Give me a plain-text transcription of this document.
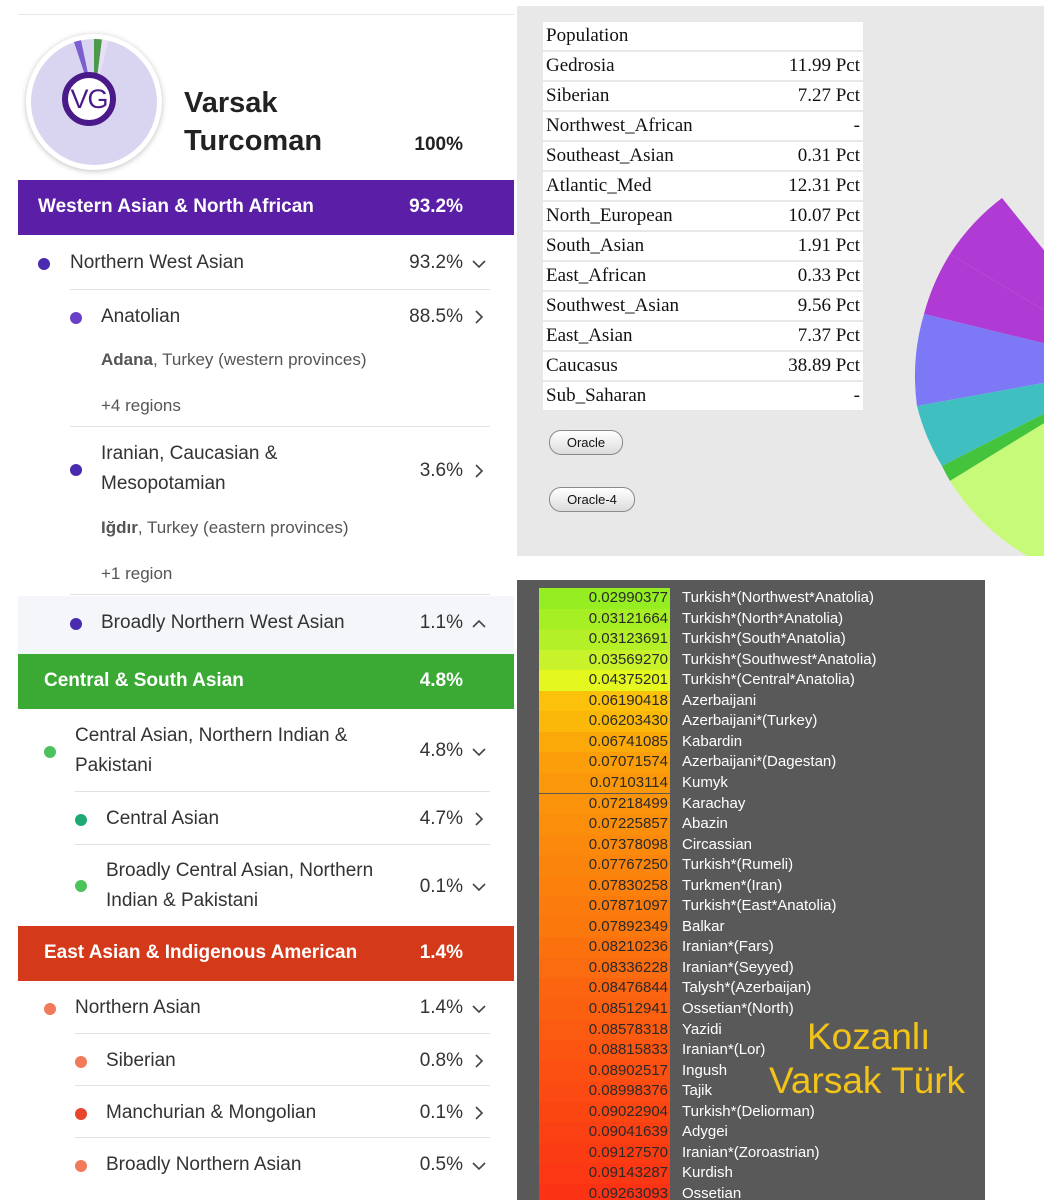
VG	Varsak
Turcoman	100%
Western Asian & North African	93.2%
Northern West Asian	93.2%
Anatolian	88.5%
Adana, Turkey (western provinces)
+4 regions
Iranian, Caucasian &
Mesopotamian
3.6%
Iğdır, Turkey (eastern provinces)
+1 region
Broadly Northern West Asian	1.1%
Central & South Asian	4.8%
Central Asian, Northern Indian &
Pakistani
4.8%
Central Asian	4.7%
Broadly Central Asian, Northern
Indian & Pakistani
0.1%
East Asian & Indigenous American	1.4%
Northern Asian	1.4%
Siberian	0.8%
Manchurian & Mongolian	0.1%
Broadly Northern Asian	0.5%
Population	
Gedrosia	11.99 Pct
Siberian	7.27 Pct
Northwest_African	-
Southeast_Asian	0.31 Pct
Atlantic_Med	12.31 Pct
North_European	10.07 Pct
South_Asian	1.91 Pct
East_African	0.33 Pct
Southwest_Asian	9.56 Pct
East_Asian	7.37 Pct
Caucasus	38.89 Pct
Sub_Saharan	-
Oracle
Oracle-4
0.02990377 Turkish*(Northwest*Anatolia)
0.03121664 Turkish*(North*Anatolia)
0.03123691 Turkish*(South*Anatolia)
0.03569270 Turkish*(Southwest*Anatolia)
0.04375201 Turkish*(Central*Anatolia)
0.06190418 Azerbaijani
0.06203430 Azerbaijani*(Turkey)
0.06741085 Kabardin
0.07071574 Azerbaijani*(Dagestan)
0.07103114 Kumyk
0.07218499 Karachay
0.07225857 Abazin
0.07378098 Circassian
0.07767250 Turkish*(Rumeli)
0.07830258 Turkmen*(Iran)
0.07871097 Turkish*(East*Anatolia)
0.07892349 Balkar
0.08210236 Iranian*(Fars)
0.08336228 Iranian*(Seyyed)
0.08476844 Talysh*(Azerbaijan)
0.08512941 Ossetian*(North)
0.08578318 Yazidi
0.08815833 Iranian*(Lor)
0.08902517 Ingush
0.08998376 Tajik
0.09022904 Turkish*(Deliorman)
0.09041639 Adygei
0.09127570 Iranian*(Zoroastrian)
0.09143287 Kurdish
0.09263093 Ossetian
Kozanlı
Varsak Türk
